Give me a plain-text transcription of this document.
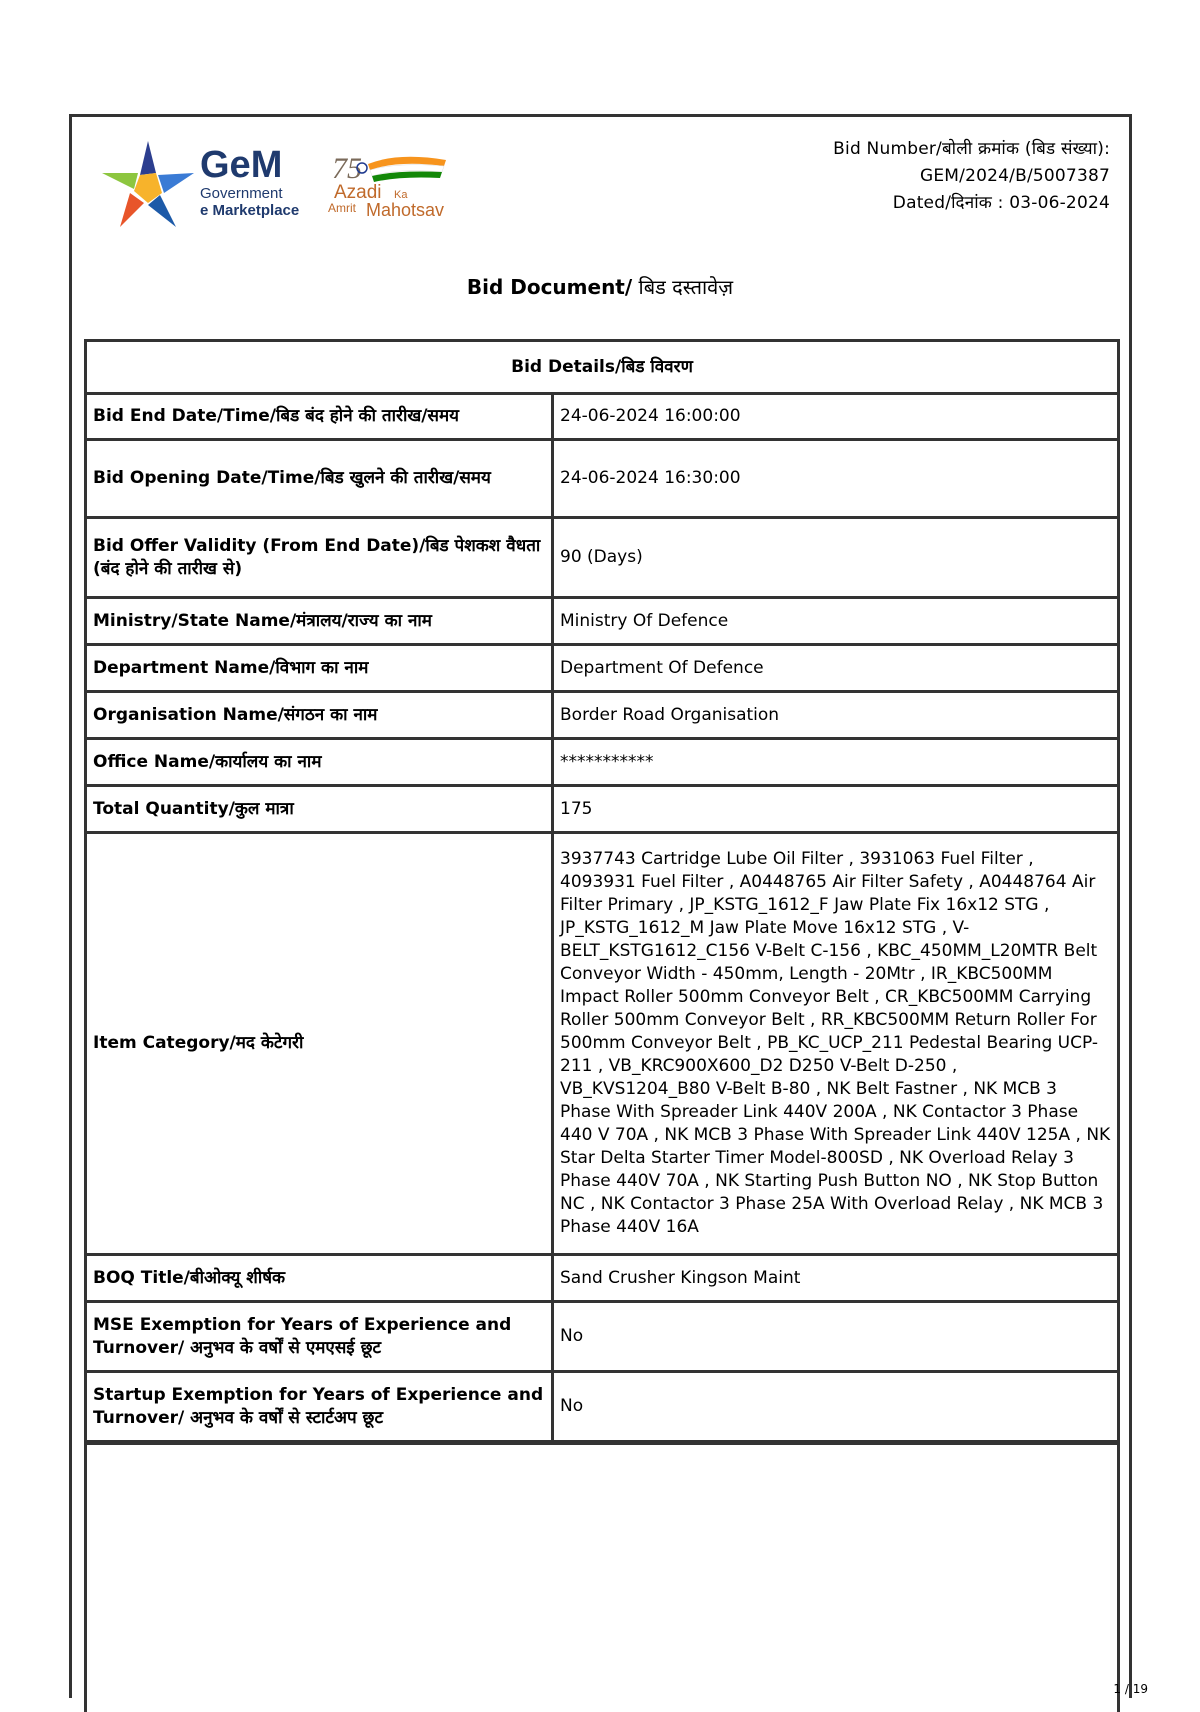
GeM
Government
e Marketplace
75
Azadi Ka
Amrit Mahotsav
Bid Number/बोली क्रमांक (बिड संख्या):
GEM/2024/B/5007387
Dated/दिनांक : 03-06-2024
Bid Document/ बिड दस्तावेज़
Bid Details/बिड विवरण	
Bid End Date/Time/बिड बंद होने की तारीख/समय	24-06-2024 16:00:00
Bid Opening Date/Time/बिड खुलने की तारीख/समय	24-06-2024 16:30:00
Bid Offer Validity (From End Date)/बिड पेशकश वैधता (बंद होने की तारीख से)	90 (Days)
Ministry/State Name/मंत्रालय/राज्य का नाम	Ministry Of Defence
Department Name/विभाग का नाम	Department Of Defence
Organisation Name/संगठन का नाम	Border Road Organisation
Office Name/कार्यालय का नाम	***********
Total Quantity/कुल मात्रा	175
Item Category/मद केटेगरी	3937743 Cartridge Lube Oil Filter , 3931063 Fuel Filter , 4093931 Fuel Filter , A0448765 Air Filter Safety , A0448764 Air Filter Primary , JP_KSTG_1612_F Jaw Plate Fix 16x12 STG , JP_KSTG_1612_M Jaw Plate Move 16x12 STG , V-BELT_KSTG1612_C156 V-Belt C-156 , KBC_450MM_L20MTR Belt Conveyor Width - 450mm, Length - 20Mtr , IR_KBC500MM Impact Roller 500mm Conveyor Belt , CR_KBC500MM Carrying Roller 500mm Conveyor Belt , RR_KBC500MM Return Roller For 500mm Conveyor Belt , PB_KC_UCP_211 Pedestal Bearing UCP-211 , VB_KRC900X600_D2 D250 V-Belt D-250 , VB_KVS1204_B80 V-Belt B-80 , NK Belt Fastner , NK MCB 3 Phase With Spreader Link 440V 200A , NK Contactor 3 Phase 440 V 70A , NK MCB 3 Phase With Spreader Link 440V 125A , NK Star Delta Starter Timer Model-800SD , NK Overload Relay 3 Phase 440V 70A , NK Starting Push Button NO , NK Stop Button NC , NK Contactor 3 Phase 25A With Overload Relay , NK MCB 3 Phase 440V 16A
BOQ Title/बीओक्यू शीर्षक	Sand Crusher Kingson Maint
MSE Exemption for Years of Experience and Turnover/ अनुभव के वर्षों से एमएसई छूट	No
Startup Exemption for Years of Experience and Turnover/ अनुभव के वर्षों से स्टार्टअप छूट	No
1 / 19
